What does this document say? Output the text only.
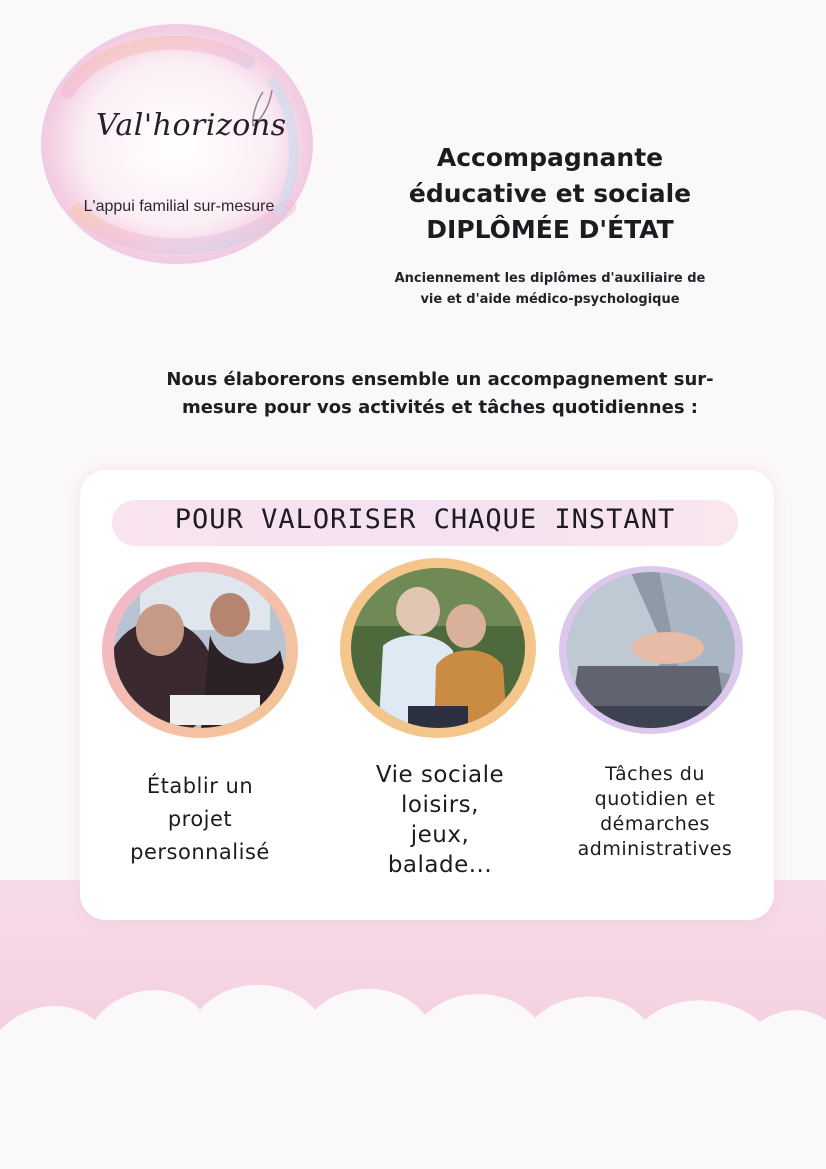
Val'horizons
L'appui familial sur-mesure
Accompagnante
éducative et sociale
DIPLÔMÉE D'ÉTAT
Anciennement les diplômes d'auxiliaire de
vie et d'aide médico-psychologique
Nous élaborerons ensemble un accompagnement sur-
mesure pour vos activités et tâches quotidiennes :
POUR VALORISER CHAQUE INSTANT
Établir un
projet
personnalisé
Vie sociale
loisirs,
jeux,
balade...
Tâches du
quotidien et
démarches
administratives
